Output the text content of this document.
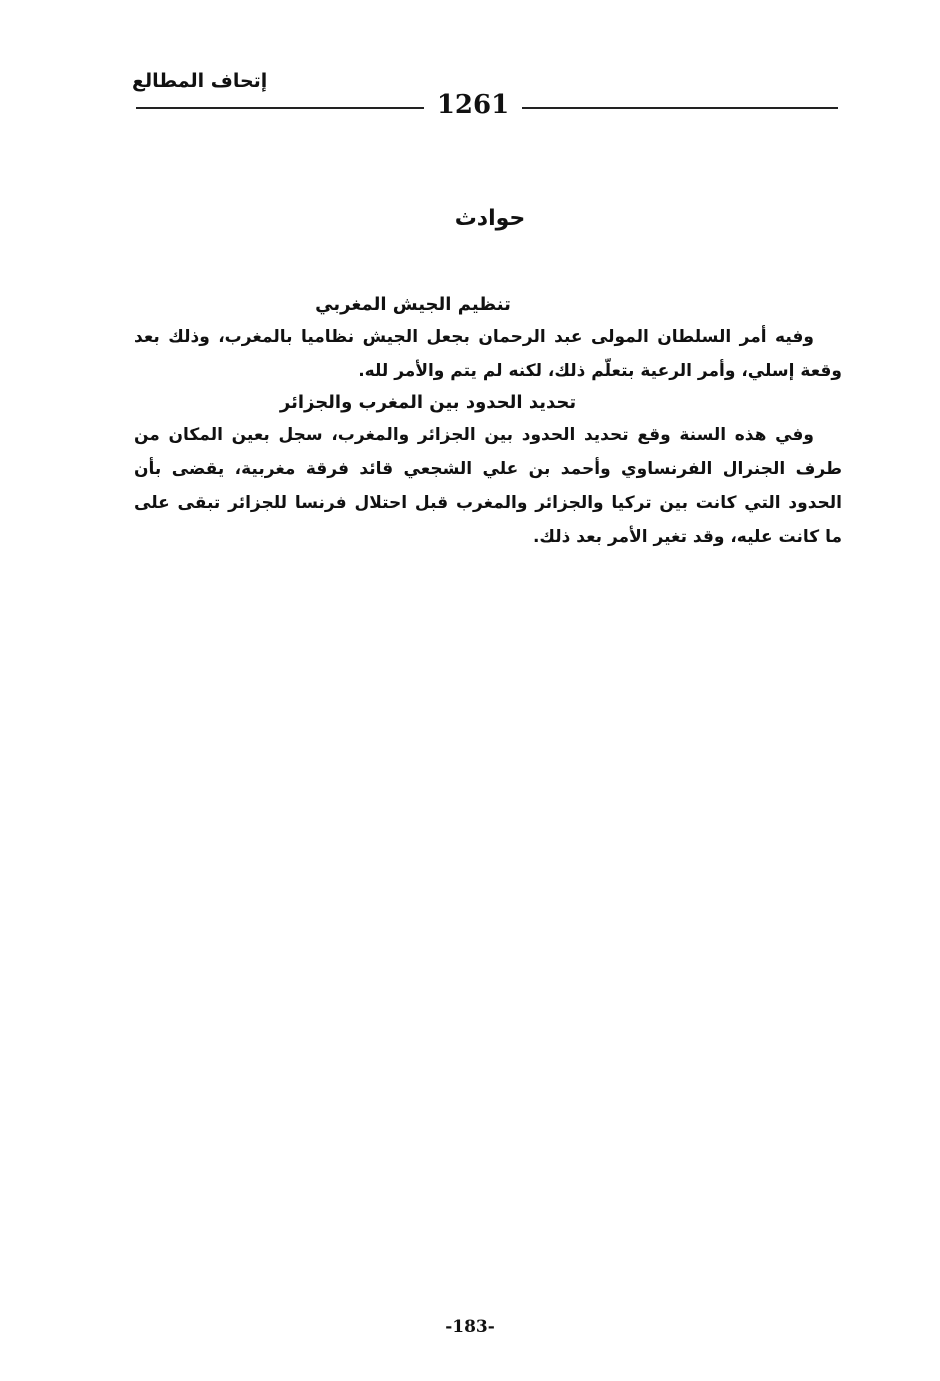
إتحاف المطالع
1261
حوادث

تنظيم الجيش المغربي

وفيه أمر السلطان المولى عبد الرحمان بجعل الجيش نظاميا بالمغرب، وذلك بعد وقعة إسلي، وأمر الرعية بتعلّم ذلك، لكنه لم يتم والأمر لله.

تحديد الحدود بين المغرب والجزائر

وفي هذه السنة وقع تحديد الحدود بين الجزائر والمغرب، سجل بعين المكان من طرف الجنرال الفرنساوي وأحمد بن علي الشجعي قائد فرقة مغربية، يقضى بأن الحدود التي كانت بين تركيا والجزائر والمغرب قبل احتلال فرنسا للجزائر تبقى على ما كانت عليه، وقد تغير الأمر بعد ذلك.

-183-
